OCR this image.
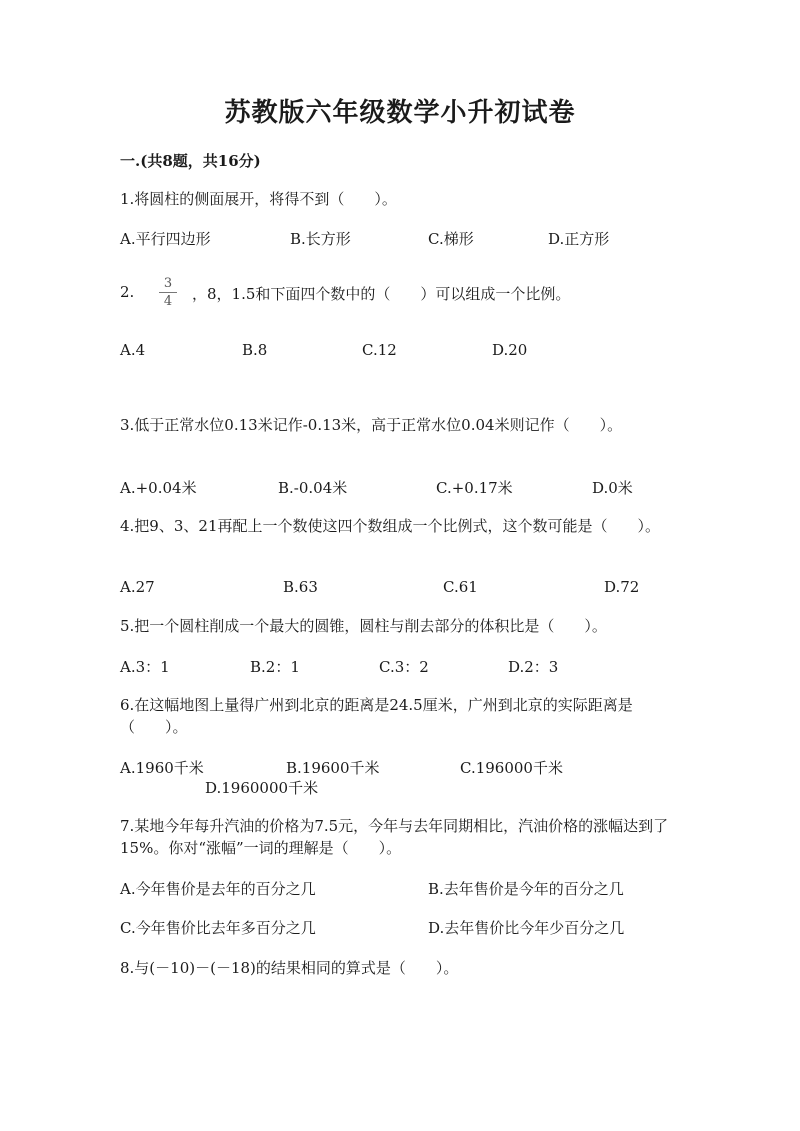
苏教版六年级数学小升初试卷
一.(共8题，共16分)

1.将圆柱的侧面展开，将得不到（　　）。

A.平行四边形	B.长方形	C.梯形	D.正方形
2.	3
4	，8，1.5和下面四个数中的（　　）可以组成一个比例。
A.4	B.8	C.12	D.20

3.低于正常水位0.13米记作-0.13米，高于正常水位0.04米则记作（　　）。

A.+0.04米	B.-0.04米	C.+0.17米	D.0米

4.把9、3、21再配上一个数使这四个数组成一个比例式，这个数可能是（　　）。

A.27	B.63	C.61	D.72

5.把一个圆柱削成一个最大的圆锥，圆柱与削去部分的体积比是（　　）。

A.3：1	B.2：1	C.3：2	D.2：3

6.在这幅地图上量得广州到北京的距离是24.5厘米，广州到北京的实际距离是（　　）。

A.1960千米	B.19600千米	C.196000千米
D.1960000千米

7.某地今年每升汽油的价格为7.5元，今年与去年同期相比，汽油价格的涨幅达到了15%。你对“涨幅”一词的理解是（　　）。

A.今年售价是去年的百分之几	B.去年售价是今年的百分之几
C.今年售价比去年多百分之几	D.去年售价比今年少百分之几

8.与(－10)－(－18)的结果相同的算式是（　　）。
